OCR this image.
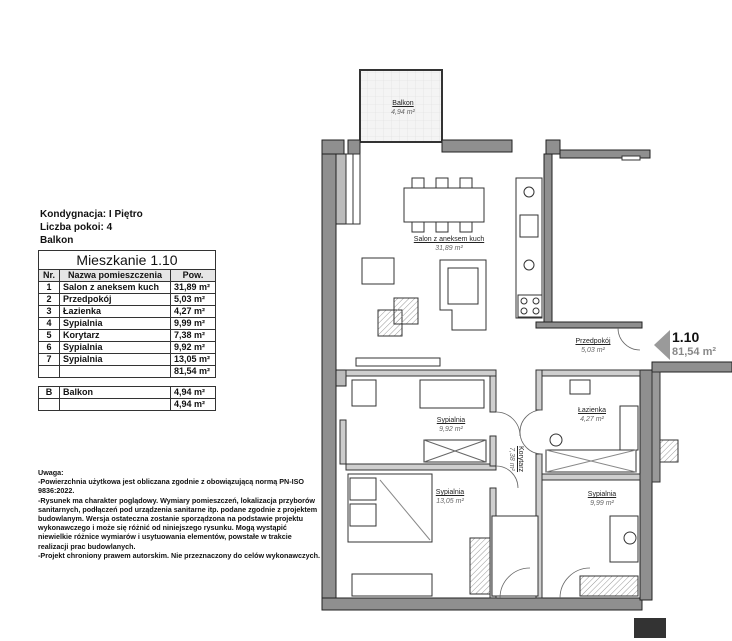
Kondygnacja: I Piętro
Liczba pokoi: 4
Balkon
Mieszkanie 1.10		
Nr.	Nazwa pomieszczenia	Pow.
1	Salon z aneksem kuch	31,89 m²
2	Przedpokój	5,03 m²
3	Łazienka	4,27 m²
4	Sypialnia	9,99 m²
5	Korytarz	7,38 m²
6	Sypialnia	9,92 m²
7	Sypialnia	13,05 m²
		81,54 m²

B	Balkon	4,94 m²
		4,94 m²
Uwaga:
-Powierzchnia użytkowa jest obliczana zgodnie z obowiązującą normą PN-ISO 9836:2022.
-Rysunek ma charakter poglądowy. Wymiary pomieszczeń, lokalizacja przyborów sanitarnych, podłączeń pod urządzenia sanitarne itp. podane zgodnie z projektem budowlanym. Wersja ostateczna zostanie sporządzona na podstawie projektu wykonawczego i może się różnić od niniejszego rysunku. Mogą wystąpić niewielkie różnice wymiarów i usytuowania elementów, powstałe w trakcie realizacji prac budowlanych.
-Projekt chroniony prawem autorskim. Nie przeznaczony do celów wykonawczych.
1.10
81,54 m²
Balkon
4,94 m²
Salon z aneksem kuch
31,89 m²
Przedpokój
5,03 m²
Łazienka
4,27 m²
Sypialnia
9,92 m²
Sypialnia
13,05 m²
Sypialnia
9,99 m²
Korytarz
7,38 m²
